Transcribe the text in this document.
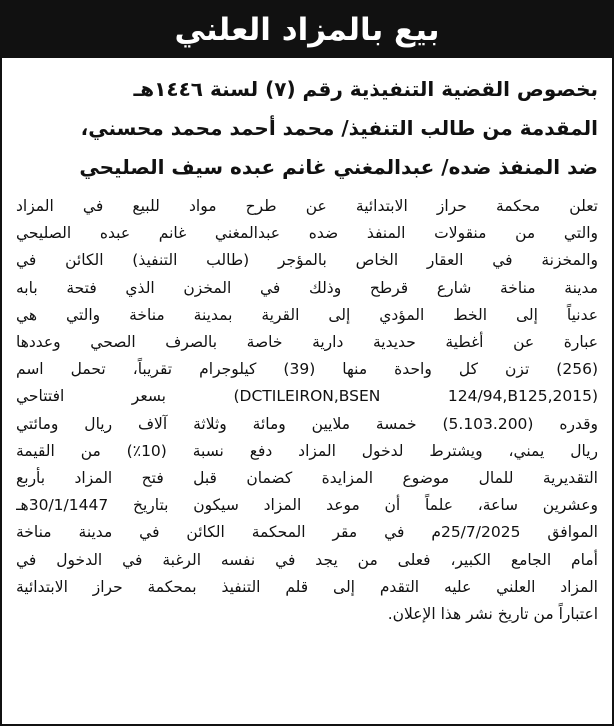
بيع بالمزاد العلني
بخصوص القضية التنفيذية رقم (٧) لسنة ١٤٤٦هـ
المقدمة من طالب التنفيذ/ محمد أحمد محمد محسني،
ضد المنفذ ضده/ عبدالمغني غانم عبده سيف الصليحي
تعلن محكمة حراز الابتدائية عن طرح مواد للبيع في المزاد
والتي من منقولات المنفذ ضده عبدالمغني غانم عبده الصليحي
والمخزنة في العقار الخاص بالمؤجر (طالب التنفيذ) الكائن في
مدينة مناخة شارع قرطح وذلك في المخزن الذي فتحة بابه
عدنياً إلى الخط المؤدي إلى القرية بمدينة مناخة والتي هي
عبارة عن أغطية حديدية دارية خاصة بالصرف الصحي وعددها
(256) تزن كل واحدة منها (39) كيلوجرام تقريباً، تحمل اسم
(DCTILEIRON,BSEN 124/94,B125,2015) بسعر افتتاحي
وقدره (5.103.200) خمسة ملايين ومائة وثلاثة آلاف ريال ومائتي
ريال يمني، ويشترط لدخول المزاد دفع نسبة (10٪) من القيمة
التقديرية للمال موضوع المزايدة كضمان قبل فتح المزاد بأربع
وعشرين ساعة، علماً أن موعد المزاد سيكون بتاريخ 30/1/1447هـ
الموافق 25/7/2025م في مقر المحكمة الكائن في مدينة مناخة
أمام الجامع الكبير، فعلى من يجد في نفسه الرغبة في الدخول في
المزاد العلني عليه التقدم إلى قلم التنفيذ بمحكمة حراز الابتدائية
اعتباراً من تاريخ نشر هذا الإعلان.
